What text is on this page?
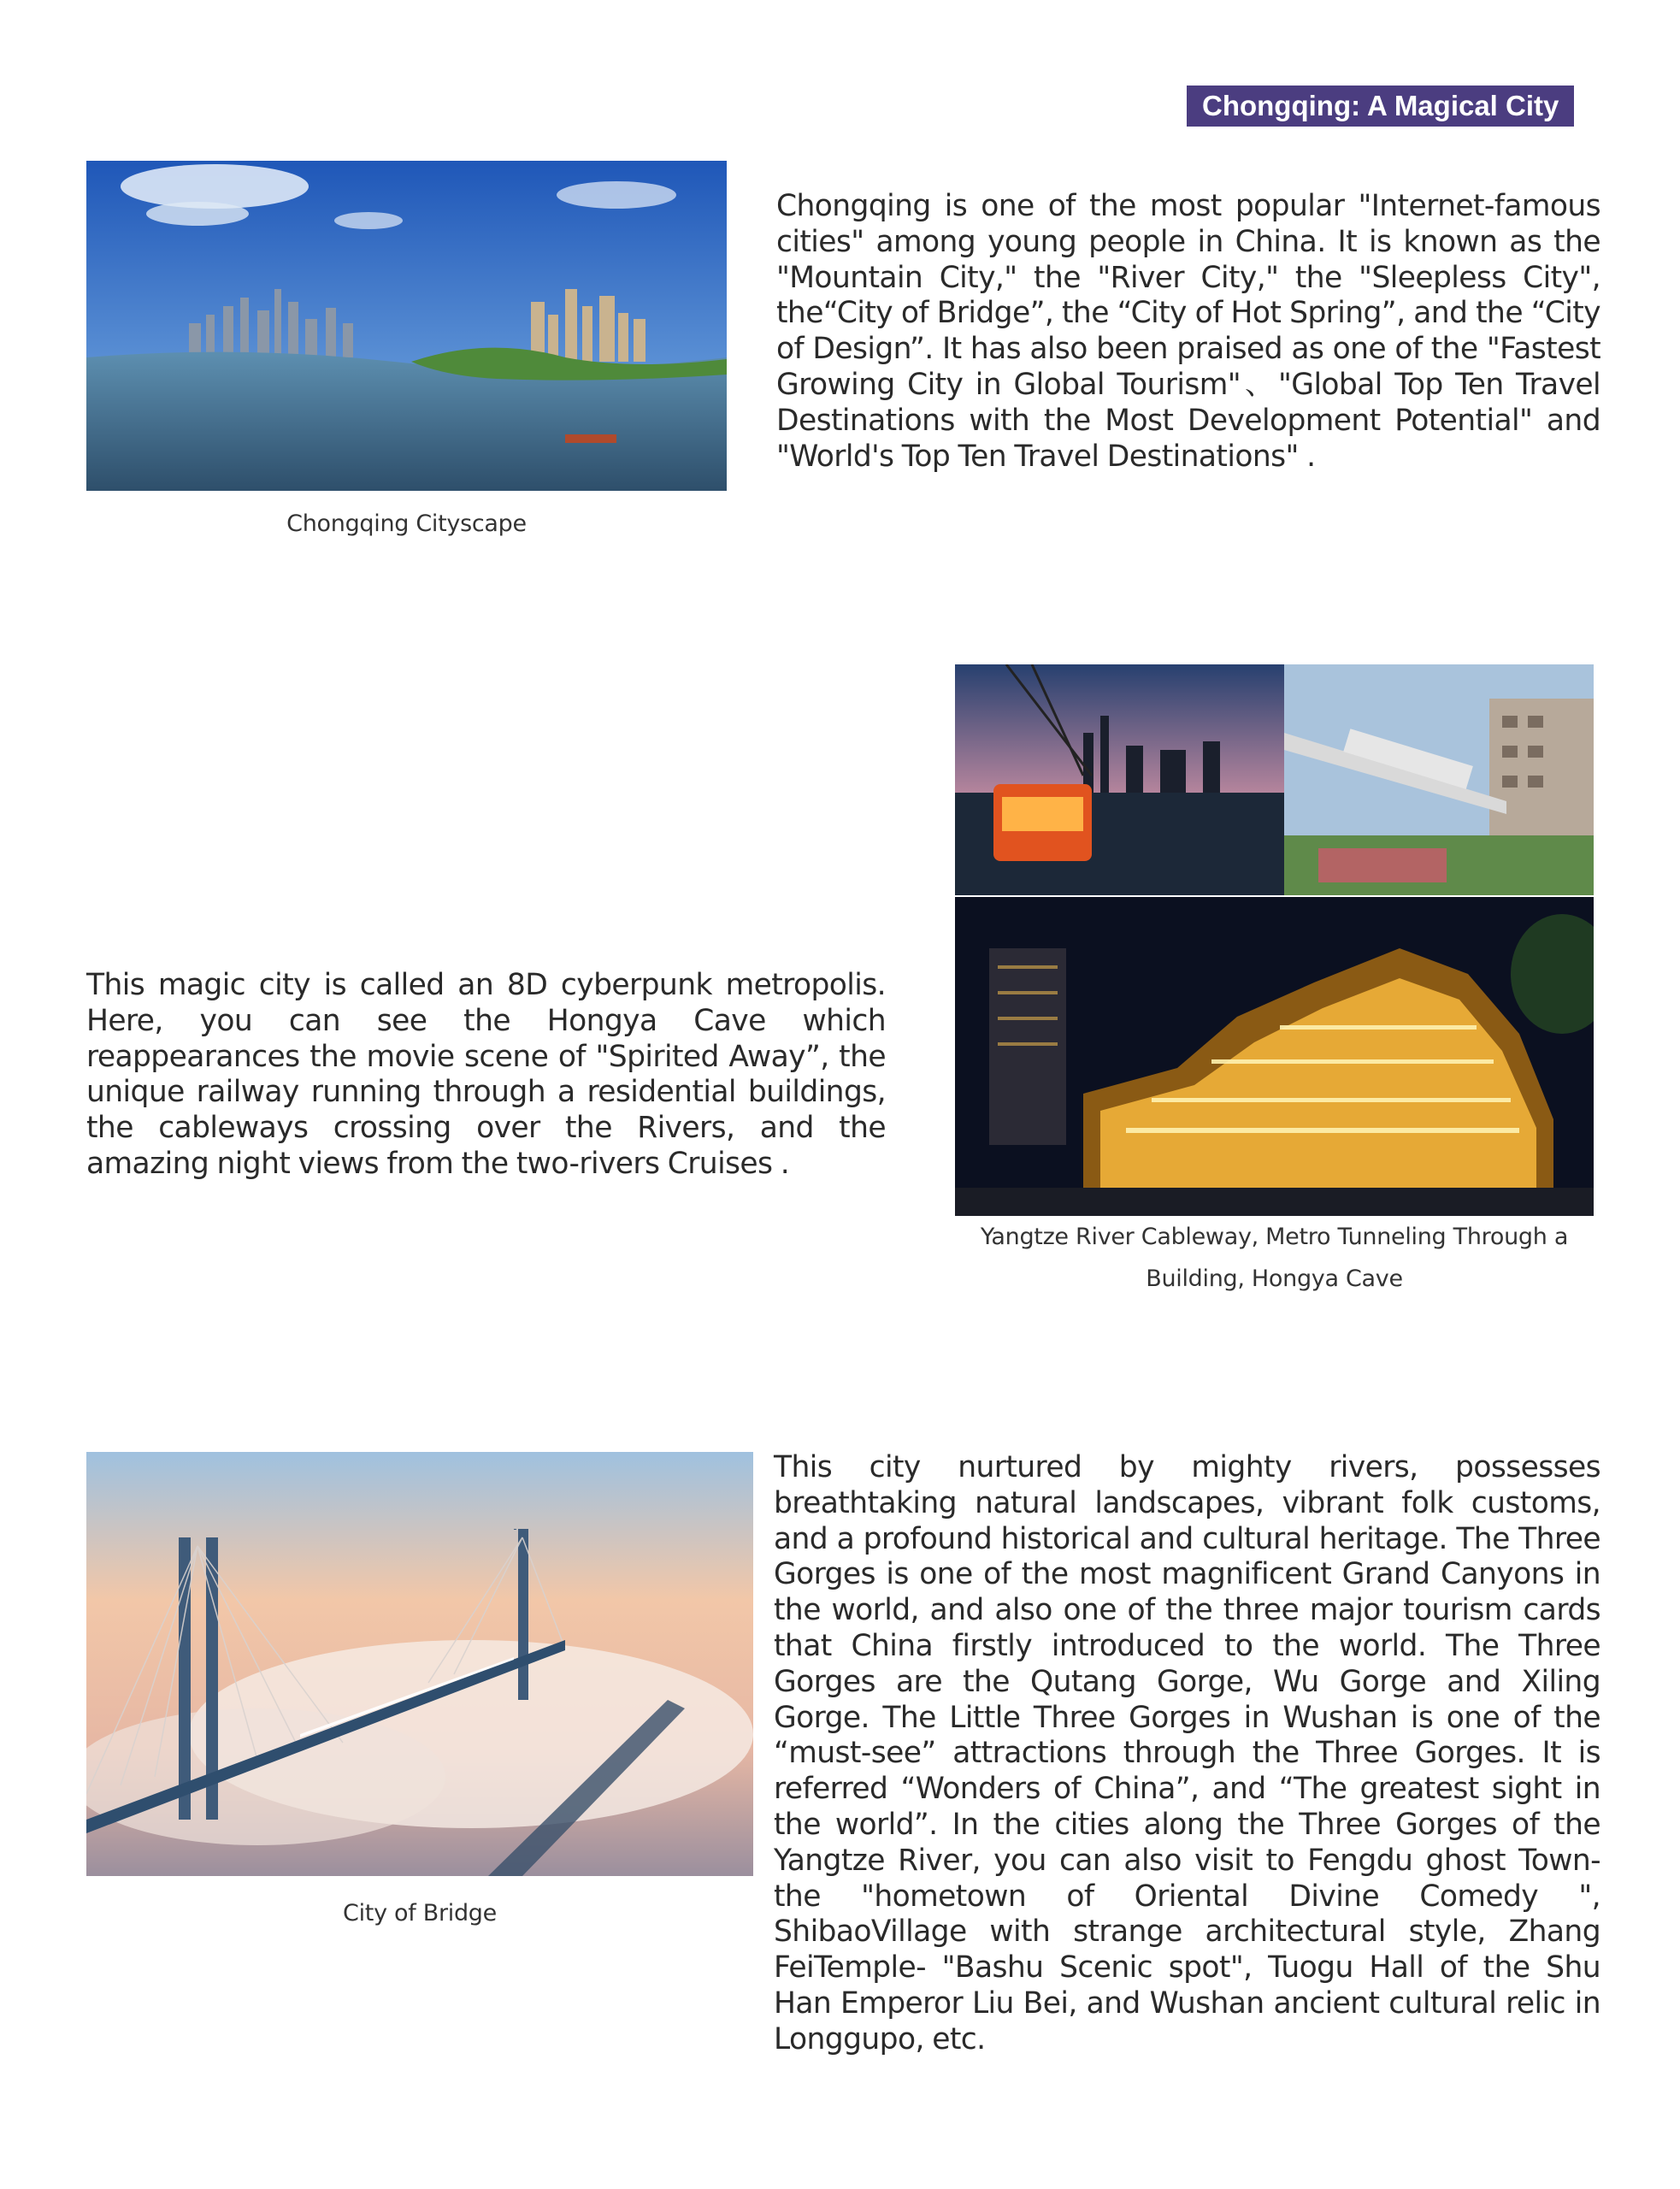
Chongqing: A Magical City
Chongqing is one of the most popular "Internet-famous cities" among young people in China. It is known as the "Mountain City," the "River City," the "Sleepless City", the“City of Bridge”, the “City of Hot Spring”, and the “City of Design”. It has also been praised as one of the "Fastest Growing City in Global Tourism"、"Global Top Ten Travel Destinations with the Most Development Potential" and "World's Top Ten Travel Destinations" .
Chongqing Cityscape
This magic city is called an 8D cyberpunk metropolis. Here, you can see the Hongya Cave which reappearances the movie scene of "Spirited Away”, the unique railway running through a residential buildings, the cableways crossing over the Rivers, and the amazing night views from the two-rivers Cruises .
Yangtze River Cableway, Metro Tunneling Through a Building, Hongya Cave
City of Bridge
This city nurtured by mighty rivers, possesses breathtaking natural landscapes, vibrant folk customs, and a profound historical and cultural heritage. The Three Gorges is one of the most magnificent Grand Canyons in the world, and also one of the three major tourism cards that China firstly introduced to the world. The Three Gorges are the Qutang Gorge, Wu Gorge and Xiling Gorge. The Little Three Gorges in Wushan is one of the “must-see” attractions through the Three Gorges. It is referred “Wonders of China”, and “The greatest sight in the world”. In the cities along the Three Gorges of the Yangtze River, you can also visit to Fengdu ghost Town-the "hometown of Oriental Divine Comedy ", ShibaoVillage with strange architectural style, Zhang FeiTemple- "Bashu Scenic spot", Tuogu Hall of the Shu Han Emperor Liu Bei, and Wushan ancient cultural relic in Longgupo, etc.
